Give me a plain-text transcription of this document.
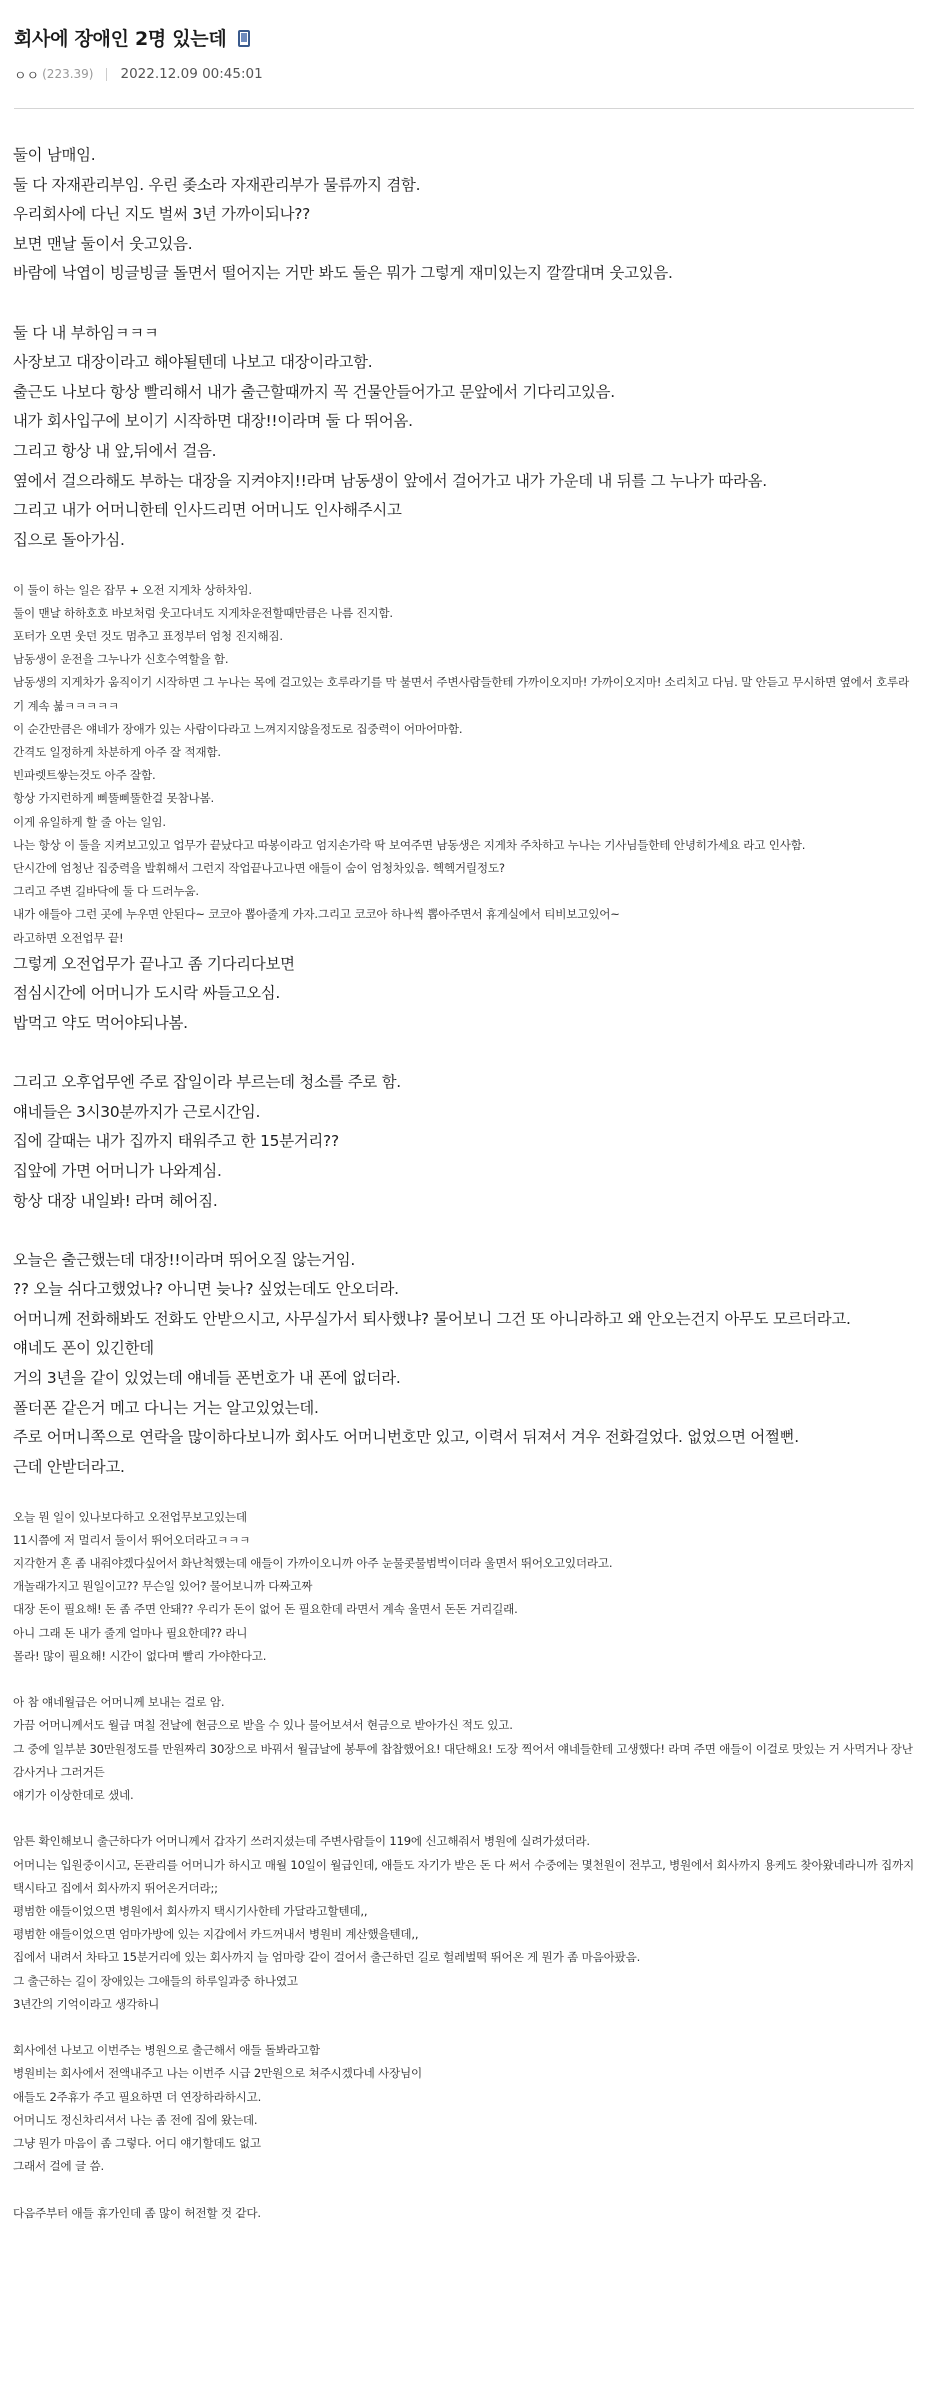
회사에 장애인 2명 있는데
ㅇㅇ (223.39) 2022.12.09 00:45:01
둘이 남매임.
둘 다 자재관리부임. 우린 좆소라 자재관리부가 물류까지 겸함.
우리회사에 다닌 지도 벌써 3년 가까이되나??
보면 맨날 둘이서 웃고있음.
바람에 낙엽이 빙글빙글 돌면서 떨어지는 거만 봐도 둘은 뭐가 그렇게 재미있는지 깔깔대며 웃고있음.
둘 다 내 부하임ㅋㅋㅋ
사장보고 대장이라고 해야될텐데 나보고 대장이라고함.
출근도 나보다 항상 빨리해서 내가 출근할때까지 꼭 건물안들어가고 문앞에서 기다리고있음.
내가 회사입구에 보이기 시작하면 대장!!이라며 둘 다 뛰어옴.
그리고 항상 내 앞,뒤에서 걸음.
옆에서 걸으라해도 부하는 대장을 지켜야지!!라며 남동생이 앞에서 걸어가고 내가 가운데 내 뒤를 그 누나가 따라옴.
그리고 내가 어머니한테 인사드리면 어머니도 인사해주시고
집으로 돌아가심.
이 둘이 하는 일은 잡무 + 오전 지게차 상하차임.
둘이 맨날 하하호호 바보처럼 웃고다녀도 지게차운전할때만큼은 나름 진지함.
포터가 오면 웃던 것도 멈추고 표정부터 엄청 진지해짐.
남동생이 운전을 그누나가 신호수역할을 함.
남동생의 지게차가 움직이기 시작하면 그 누나는 목에 걸고있는 호루라기를 막 불면서 주변사람들한테 가까이오지마! 가까이오지마! 소리치고 다님. 말 안듣고 무시하면 옆에서 호루라기 계속 붊ㅋㅋㅋㅋㅋ
이 순간만큼은 얘네가 장애가 있는 사람이다라고 느껴지지않을정도로 집중력이 어마어마함.
간격도 일정하게 차분하게 아주 잘 적재함.
빈파렛트쌓는것도 아주 잘함.
항상 가지런하게 삐뚤삐뚤한걸 못참나봄.
이게 유일하게 할 줄 아는 일임.
나는 항상 이 둘을 지켜보고있고 업무가 끝났다고 따봉이라고 엄지손가락 딱 보여주면 남동생은 지게차 주차하고 누나는 기사님들한테 안녕히가세요 라고 인사함.
단시간에 엄청난 집중력을 발휘해서 그런지 작업끝나고나면 애들이 숨이 엄청차있음. 헥헥거릴정도?
그리고 주변 길바닥에 둘 다 드러누움.
내가 애들아 그런 곳에 누우면 안된다~ 코코아 뽑아줄게 가자.그리고 코코아 하나씩 뽑아주면서 휴게실에서 티비보고있어~
라고하면 오전업무 끝!
그렇게 오전업무가 끝나고 좀 기다리다보면
점심시간에 어머니가 도시락 싸들고오심.
밥먹고 약도 먹어야되나봄.
그리고 오후업무엔 주로 잡일이라 부르는데 청소를 주로 함.
얘네들은 3시30분까지가 근로시간임.
집에 갈때는 내가 집까지 태워주고 한 15분거리??
집앞에 가면 어머니가 나와계심.
항상 대장 내일봐! 라며 헤어짐.
오늘은 출근했는데 대장!!이라며 뛰어오질 않는거임.
?? 오늘 쉬다고했었나? 아니면 늦나? 싶었는데도 안오더라.
어머니께 전화해봐도 전화도 안받으시고, 사무실가서 퇴사했냐? 물어보니 그건 또 아니라하고 왜 안오는건지 아무도 모르더라고.
얘네도 폰이 있긴한데
거의 3년을 같이 있었는데 얘네들 폰번호가 내 폰에 없더라.
폴더폰 같은거 메고 다니는 거는 알고있었는데.
주로 어머니쪽으로 연락을 많이하다보니까 회사도 어머니번호만 있고, 이력서 뒤져서 겨우 전화걸었다. 없었으면 어쩔뻔.
근데 안받더라고.
오늘 뭔 일이 있나보다하고 오전업무보고있는데
11시쯤에 저 멀리서 둘이서 뛰어오더라고ㅋㅋㅋ
지각한거 혼 좀 내줘야겠다싶어서 화난척했는데 애들이 가까이오니까 아주 눈물콧물범벅이더라 울면서 뛰어오고있더라고.
개놀래가지고 뭔일이고?? 무슨일 있어? 물어보니까 다짜고짜
대장 돈이 필요해! 돈 좀 주면 안돼?? 우리가 돈이 없어 돈 필요한데 라면서 계속 울면서 돈돈 거리길래.
아니 그래 돈 내가 줄게 얼마나 필요한데?? 라니
몰라! 많이 필요해! 시간이 없다며 빨리 가야한다고.
아 참 얘네월급은 어머니께 보내는 걸로 암.
가끔 어머니께서도 월급 며칠 전날에 현금으로 받을 수 있나 물어보셔서 현금으로 받아가신 적도 있고.
그 중에 일부분 30만원정도를 만원짜리 30장으로 바꿔서 월급날에 봉투에 찹찹했어요! 대단해요! 도장 찍어서 얘네들한테 고생했다! 라며 주면 애들이 이걸로 맛있는 거 사먹거나 장난감사거나 그러거든
얘기가 이상한데로 샜네.
암튼 확인해보니 출근하다가 어머니께서 갑자기 쓰러지셨는데 주변사람들이 119에 신고해줘서 병원에 실려가셨더라.
어머니는 입원중이시고, 돈관리를 어머니가 하시고 매월 10일이 월급인데, 애들도 자기가 받은 돈 다 써서 수중에는 몇천원이 전부고, 병원에서 회사까지 용케도 찾아왔네라니까 집까지 택시타고 집에서 회사까지 뛰어온거더라;;
평범한 애들이었으면 병원에서 회사까지 택시기사한테 가달라고할텐데,,
평범한 애들이었으면 엄마가방에 있는 지갑에서 카드꺼내서 병원비 계산했을텐데,,
집에서 내려서 차타고 15분거리에 있는 회사까지 늘 엄마랑 같이 걸어서 출근하던 길로 헐레벌떡 뛰어온 게 뭔가 좀 마음아팠음.
그 출근하는 길이 장애있는 그애들의 하루일과중 하나였고
3년간의 기억이라고 생각하니
회사에선 나보고 이번주는 병원으로 출근해서 애들 돌봐라고함
병원비는 회사에서 전액내주고 나는 이번주 시급 2만원으로 쳐주시겠다네 사장님이
애들도 2주휴가 주고 필요하면 더 연장하라하시고.
어머니도 정신차리셔서 나는 좀 전에 집에 왔는데.
그냥 뭔가 마음이 좀 그렇다. 어디 얘기할데도 없고
그래서 걸에 글 씀.
다음주부터 애들 휴가인데 좀 많이 허전할 것 같다.
